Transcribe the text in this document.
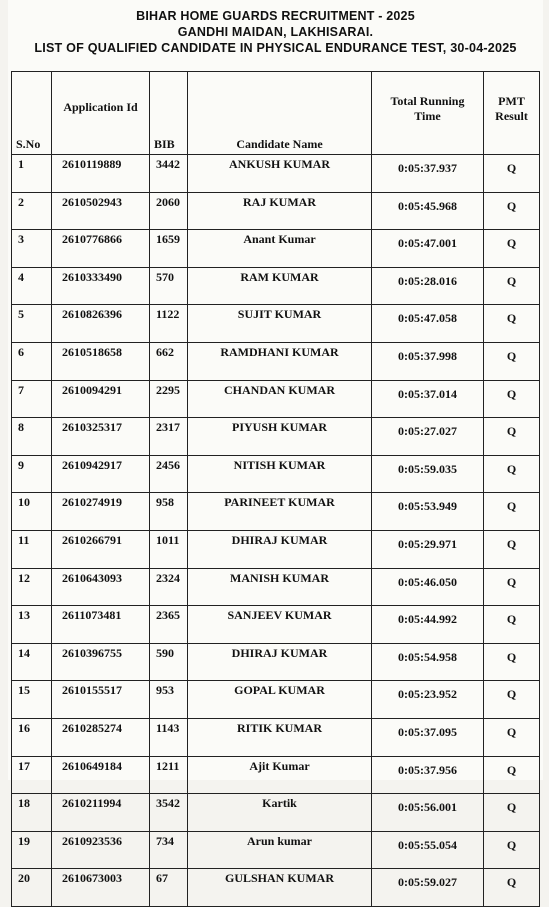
BIHAR HOME GUARDS RECRUITMENT - 2025
GANDHI MAIDAN, LAKHISARAI.
LIST OF QUALIFIED CANDIDATE IN PHYSICAL ENDURANCE TEST, 30-04-2025
S.No	Application Id	BIB	Candidate Name	Total Running Time	PMT Result

1	2610119889	3442	ANKUSH KUMAR	0:05:37.937	Q
2	2610502943	2060	RAJ KUMAR	0:05:45.968	Q
3	2610776866	1659	Anant Kumar	0:05:47.001	Q
4	2610333490	570	RAM KUMAR	0:05:28.016	Q
5	2610826396	1122	SUJIT KUMAR	0:05:47.058	Q
6	2610518658	662	RAMDHANI KUMAR	0:05:37.998	Q
7	2610094291	2295	CHANDAN KUMAR	0:05:37.014	Q
8	2610325317	2317	PIYUSH KUMAR	0:05:27.027	Q
9	2610942917	2456	NITISH KUMAR	0:05:59.035	Q
10	2610274919	958	PARINEET KUMAR	0:05:53.949	Q
11	2610266791	1011	DHIRAJ KUMAR	0:05:29.971	Q
12	2610643093	2324	MANISH KUMAR	0:05:46.050	Q
13	2611073481	2365	SANJEEV KUMAR	0:05:44.992	Q
14	2610396755	590	DHIRAJ KUMAR	0:05:54.958	Q
15	2610155517	953	GOPAL KUMAR	0:05:23.952	Q
16	2610285274	1143	RITIK KUMAR	0:05:37.095	Q
17	2610649184	1211	Ajit Kumar	0:05:37.956	Q
18	2610211994	3542	Kartik	0:05:56.001	Q
19	2610923536	734	Arun kumar	0:05:55.054	Q
20	2610673003	67	GULSHAN KUMAR	0:05:59.027	Q
